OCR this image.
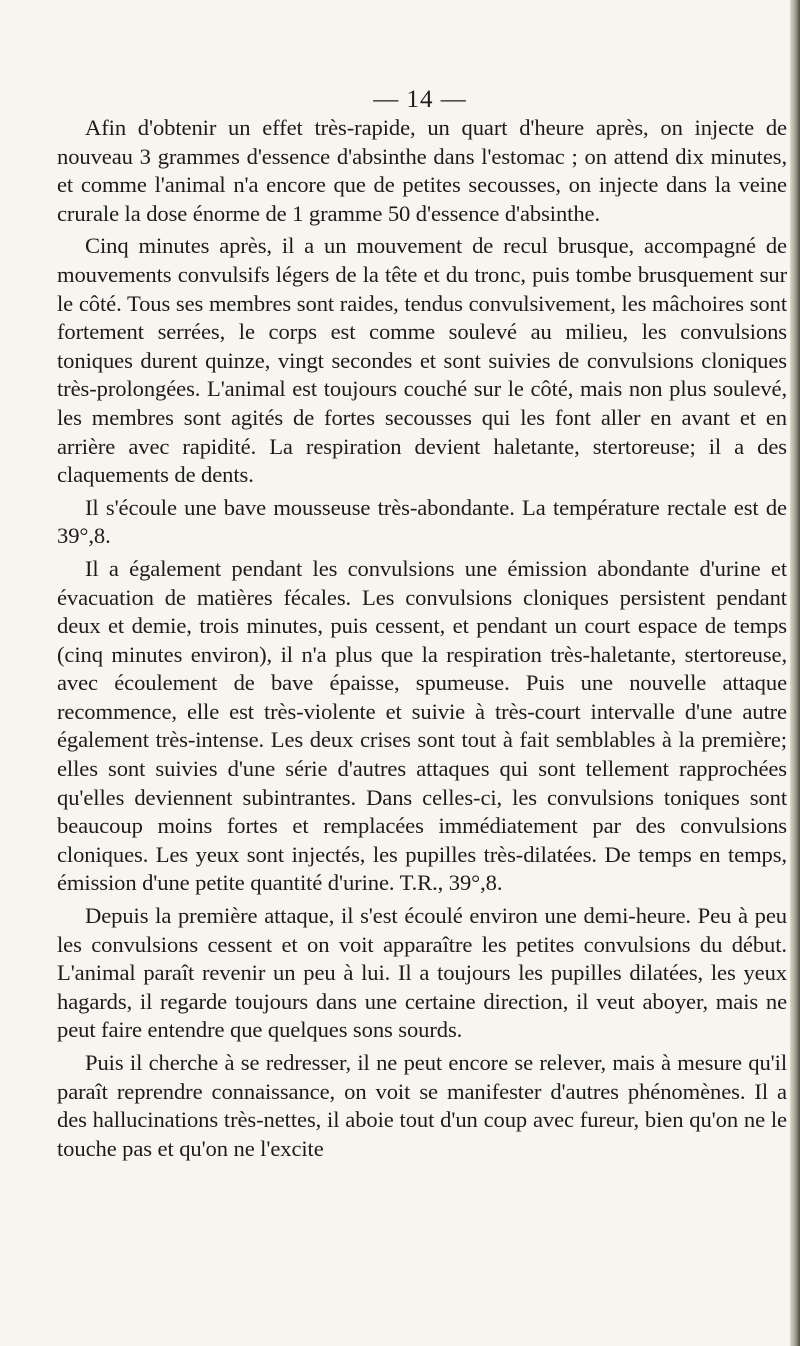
— 14 —

Afin d'obtenir un effet très-rapide, un quart d'heure après, on injecte de nouveau 3 grammes d'essence d'absinthe dans l'estomac ; on attend dix minutes, et comme l'animal n'a encore que de petites secousses, on injecte dans la veine crurale la dose énorme de 1 gramme 50 d'essence d'absinthe.

Cinq minutes après, il a un mouvement de recul brusque, accompagné de mouvements convulsifs légers de la tête et du tronc, puis tombe brusquement sur le côté. Tous ses membres sont raides, tendus convulsivement, les mâchoires sont fortement serrées, le corps est comme soulevé au milieu, les convulsions toniques durent quinze, vingt secondes et sont suivies de convulsions cloniques très-prolongées. L'animal est toujours couché sur le côté, mais non plus soulevé, les membres sont agités de fortes secousses qui les font aller en avant et en arrière avec rapidité. La respiration devient haletante, stertoreuse; il a des claquements de dents.

Il s'écoule une bave mousseuse très-abondante. La température rectale est de 39°,8.

Il a également pendant les convulsions une émission abondante d'urine et évacuation de matières fécales. Les convulsions cloniques persistent pendant deux et demie, trois minutes, puis cessent, et pendant un court espace de temps (cinq minutes environ), il n'a plus que la respiration très-haletante, stertoreuse, avec écoulement de bave épaisse, spumeuse. Puis une nouvelle attaque recommence, elle est très-violente et suivie à très-court intervalle d'une autre également très-intense. Les deux crises sont tout à fait semblables à la première; elles sont suivies d'une série d'autres attaques qui sont tellement rapprochées qu'elles deviennent subintrantes. Dans celles-ci, les convulsions toniques sont beaucoup moins fortes et remplacées immédiatement par des convulsions cloniques. Les yeux sont injectés, les pupilles très-dilatées. De temps en temps, émission d'une petite quantité d'urine. T.R., 39°,8.

Depuis la première attaque, il s'est écoulé environ une demi-heure. Peu à peu les convulsions cessent et on voit apparaître les petites convulsions du début. L'animal paraît revenir un peu à lui. Il a toujours les pupilles dilatées, les yeux hagards, il regarde toujours dans une certaine direction, il veut aboyer, mais ne peut faire entendre que quelques sons sourds.

Puis il cherche à se redresser, il ne peut encore se relever, mais à mesure qu'il paraît reprendre connaissance, on voit se manifester d'autres phénomènes. Il a des hallucinations très-nettes, il aboie tout d'un coup avec fureur, bien qu'on ne le touche pas et qu'on ne l'excite
